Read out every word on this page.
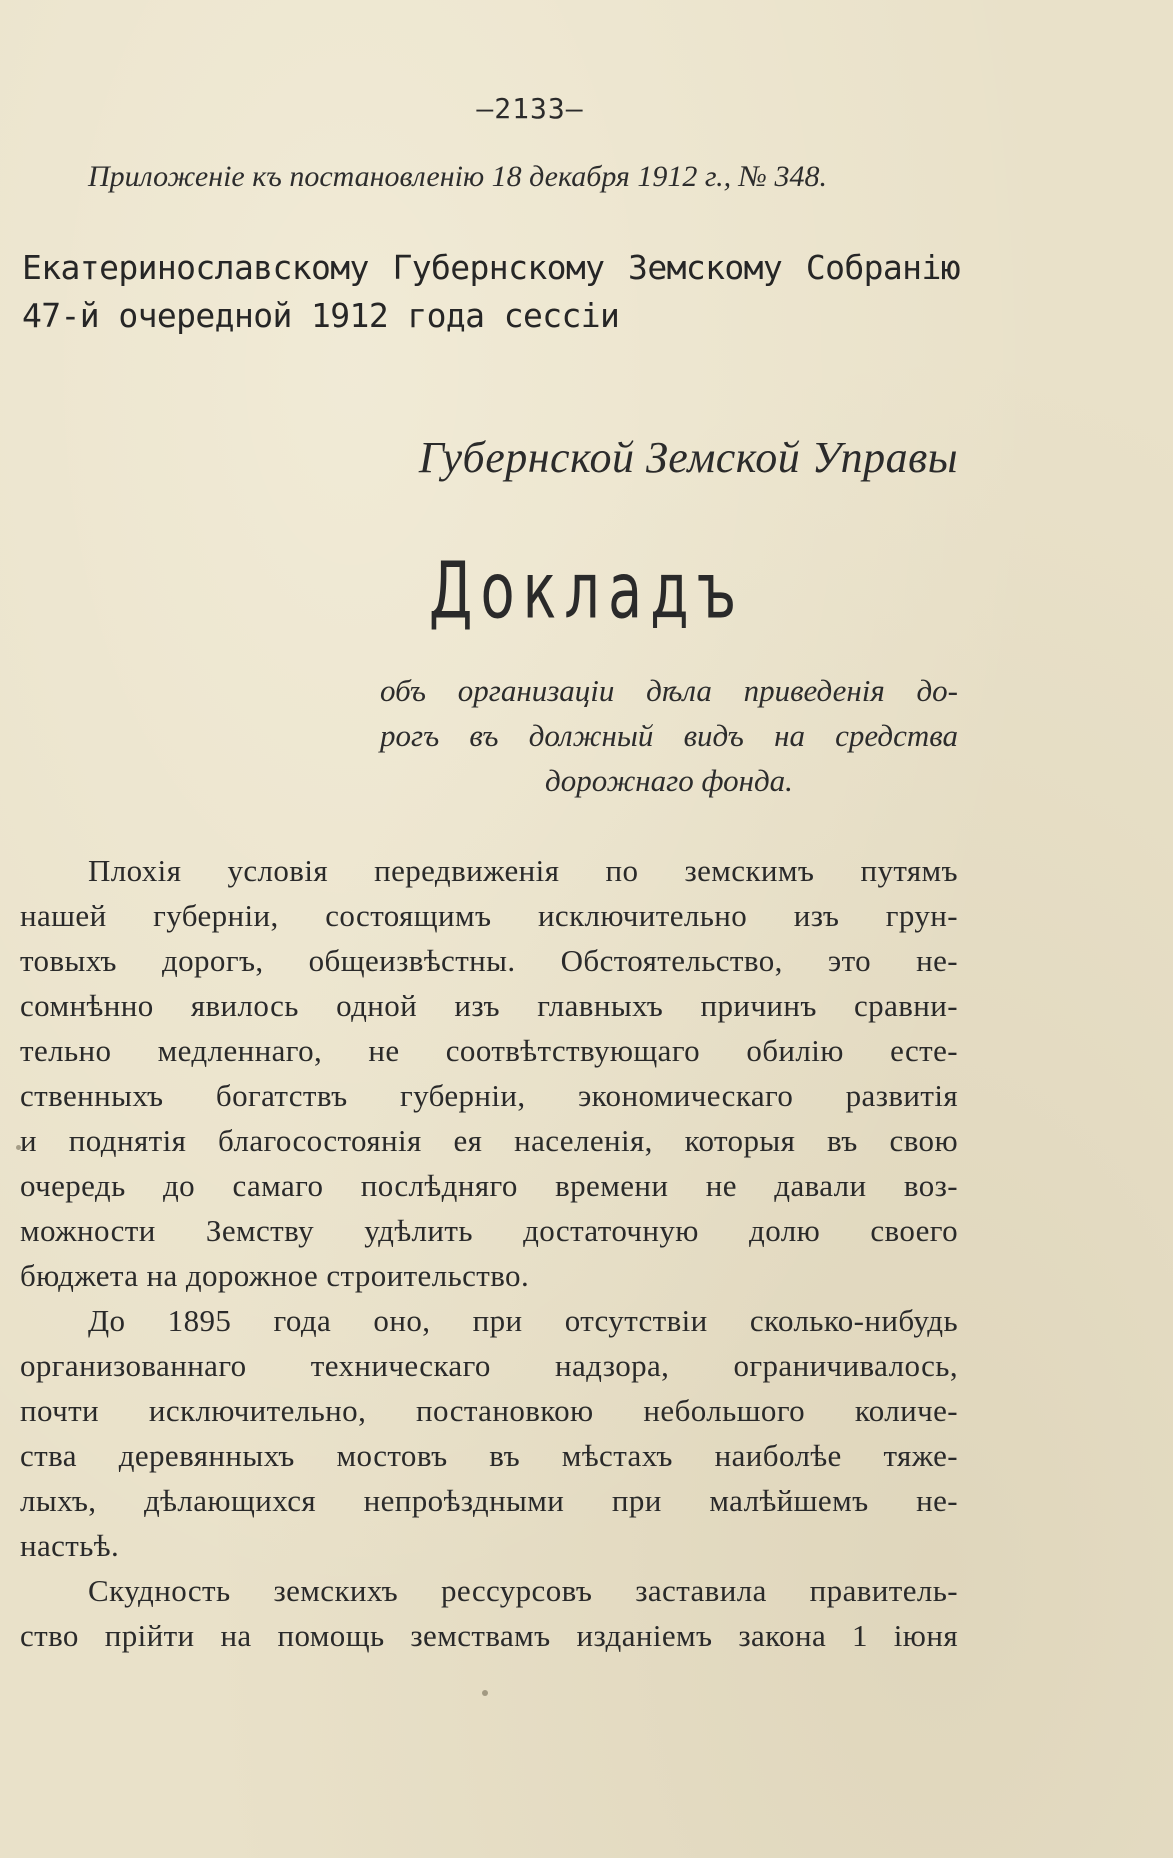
—2133—
Приложеніе къ постановленію 18 декабря 1912 г., № 348.
Екатеринославскому Губернскому Земскому Собранію 47-й очередной 1912 года сессіи
Губернской Земской Управы
Докладъ
объ организаціи дѣла приведенія до-
рогъ въ должный видъ на средства
дорожнаго фонда.
Плохія условія передвиженія по земскимъ путямъ
нашей губерніи, состоящимъ исключительно изъ грун-
товыхъ дорогъ, общеизвѣстны. Обстоятельство, это не-
сомнѣнно явилось одной изъ главныхъ причинъ сравни-
тельно медленнаго, не соотвѣтствующаго обилію есте-
ственныхъ богатствъ губерніи, экономическаго развитія
и поднятія благосостоянія ея населенія, которыя въ свою
очередь до самаго послѣдняго времени не давали воз-
можности Земству удѣлить достаточную долю своего
бюджета на дорожное строительство.
До 1895 года оно, при отсутствіи сколько-нибудь
организованнаго техническаго надзора, ограничивалось,
почти исключительно, постановкою небольшого количе-
ства деревянныхъ мостовъ въ мѣстахъ наиболѣе тяже-
лыхъ, дѣлающихся непроѣздными при малѣйшемъ не-
настьѣ.
Скудность земскихъ рессурсовъ заставила правитель-
ство прійти на помощь земствамъ изданіемъ закона 1 іюня
